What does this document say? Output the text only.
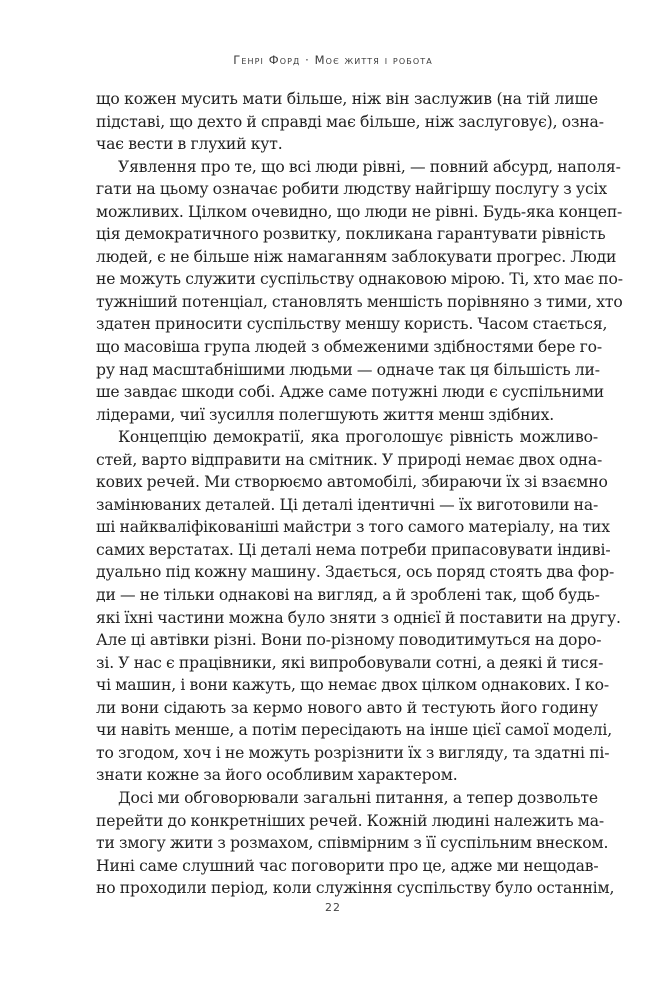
Генрі Форд · Моє життя і робота
що кожен мусить мати більше, ніж він заслужив (на тій лише
підставі, що дехто й справді має більше, ніж заслуговує), озна-
чає вести в глухий кут.
Уявлення про те, що всі люди рівні, — повний абсурд, наполя-
гати на цьому означає робити людству найгіршу послугу з усіх
можливих. Цілком очевидно, що люди не рівні. Будь-яка концеп-
ція демократичного розвитку, покликана гарантувати рівність
людей, є не більше ніж намаганням заблокувати прогрес. Люди
не можуть служити суспільству однаковою мірою. Ті, хто має по-
тужніший потенціал, становлять меншість порівняно з тими, хто
здатен приносити суспільству меншу користь. Часом стається,
що масовіша група людей з обмеженими здібностями бере го-
ру над масштабнішими людьми — одначе так ця більшість ли-
ше завдає шкоди собі. Адже саме потужні люди є суспільними
лідерами, чиї зусилля полегшують життя менш здібних.
Концепцію демократії, яка проголошує рівність можливо-
стей, варто відправити на смітник. У природі немає двох одна-
кових речей. Ми створюємо автомобілі, збираючи їх зі взаємно
замінюваних деталей. Ці деталі ідентичні — їх виготовили на-
ші найкваліфікованіші майстри з того самого матеріалу, на тих
самих верстатах. Ці деталі нема потреби припасовувати індиві-
дуально під кожну машину. Здається, ось поряд стоять два фор-
ди — не тільки однакові на вигляд, а й зроблені так, щоб будь-
які їхні частини можна було зняти з однієї й поставити на другу.
Але ці автівки різні. Вони по-різному поводитимуться на доро-
зі. У нас є працівники, які випробовували сотні, а деякі й тися-
чі машин, і вони кажуть, що немає двох цілком однакових. І ко-
ли вони сідають за кермо нового авто й тестують його годину
чи навіть менше, а потім пересідають на інше цієї самої моделі,
то згодом, хоч і не можуть розрізнити їх з вигляду, та здатні пі-
знати кожне за його особливим характером.
Досі ми обговорювали загальні питання, а тепер дозвольте
перейти до конкретніших речей. Кожній людині належить ма-
ти змогу жити з розмахом, співмірним з її суспільним внеском.
Нині саме слушний час поговорити про це, адже ми нещодав-
но проходили період, коли служіння суспільству було останнім,
22
